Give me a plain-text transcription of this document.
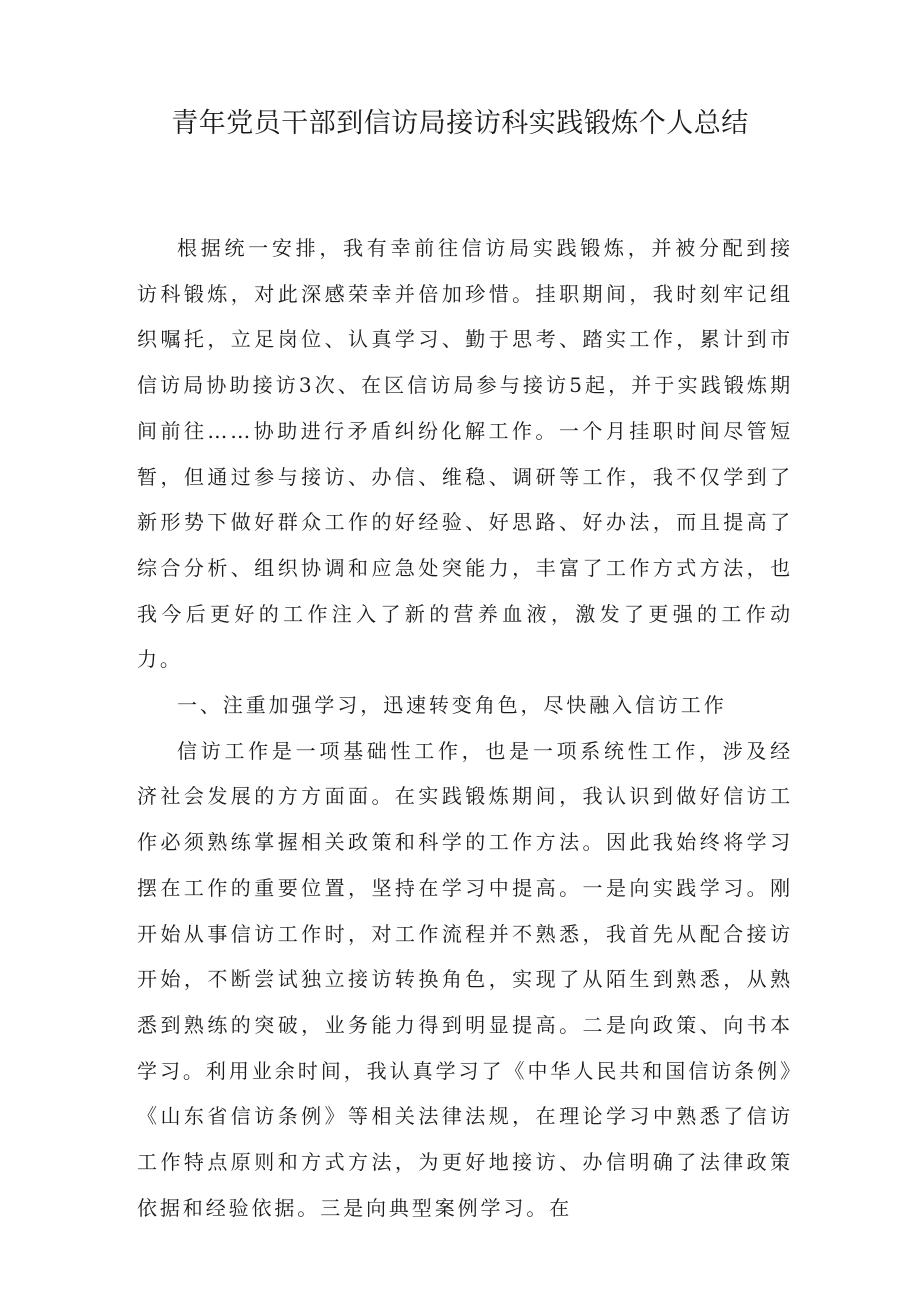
青年党员干部到信访局接访科实践锻炼个人总结

根据统一安排，我有幸前往信访局实践锻炼，并被分配到接访科锻炼，对此深感荣幸并倍加珍惜。挂职期间，我时刻牢记组织嘱托，立足岗位、认真学习、勤于思考、踏实工作，累计到市信访局协助接访3次、在区信访局参与接访5起，并于实践锻炼期间前往……协助进行矛盾纠纷化解工作。一个月挂职时间尽管短暂，但通过参与接访、办信、维稳、调研等工作，我不仅学到了新形势下做好群众工作的好经验、好思路、好办法，而且提高了综合分析、组织协调和应急处突能力，丰富了工作方式方法，也我今后更好的工作注入了新的营养血液，激发了更强的工作动力。

一、注重加强学习，迅速转变角色，尽快融入信访工作

信访工作是一项基础性工作，也是一项系统性工作，涉及经济社会发展的方方面面。在实践锻炼期间，我认识到做好信访工作必须熟练掌握相关政策和科学的工作方法。因此我始终将学习摆在工作的重要位置，坚持在学习中提高。一是向实践学习。刚开始从事信访工作时，对工作流程并不熟悉，我首先从配合接访开始，不断尝试独立接访转换角色，实现了从陌生到熟悉，从熟悉到熟练的突破，业务能力得到明显提高。二是向政策、向书本学习。利用业余时间，我认真学习了《中华人民共和国信访条例》《山东省信访条例》等相关法律法规，在理论学习中熟悉了信访工作特点原则和方式方法，为更好地接访、办信明确了法律政策依据和经验依据。三是向典型案例学习。在
